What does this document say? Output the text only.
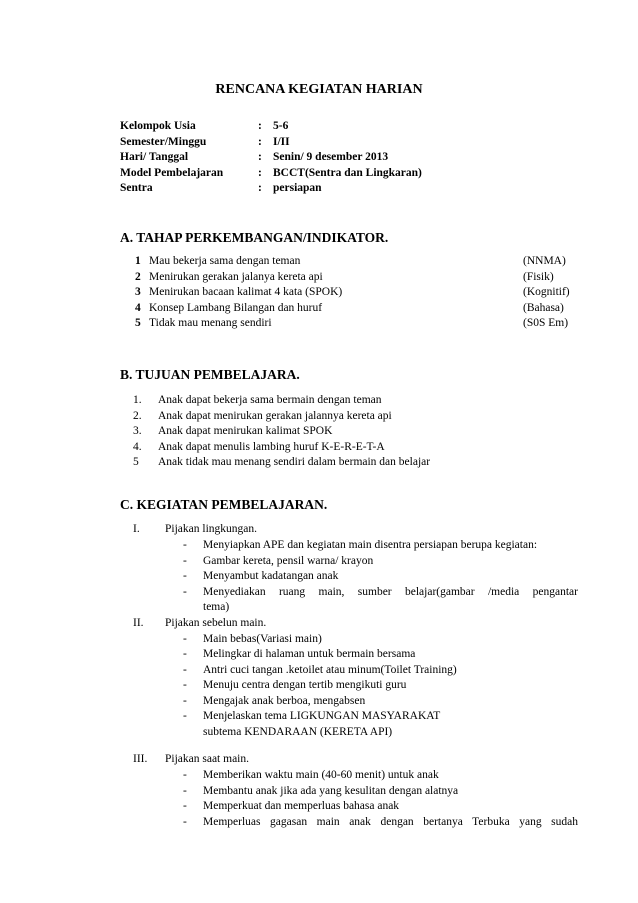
RENCANA KEGIATAN HARIAN
Kelompok Usia	: 5-6
Semester/Minggu	: I/II
Hari/ Tanggal	: Senin/ 9 desember 2013
Model Pembelajaran	: BCCT(Sentra dan Lingkaran)
Sentra	: persiapan
A. TAHAP PERKEMBANGAN/INDIKATOR.
1 Mau bekerja sama dengan teman	(NNMA)
2 Menirukan gerakan jalanya kereta api	(Fisik)
3 Menirukan bacaan kalimat 4 kata (SPOK)	(Kognitif)
4 Konsep Lambang Bilangan dan huruf	(Bahasa)
5 Tidak mau menang sendiri	(S0S Em)
B. TUJUAN PEMBELAJARA.
1. Anak dapat bekerja sama bermain dengan teman
2. Anak dapat menirukan gerakan jalannya kereta api
3. Anak dapat menirukan kalimat SPOK
4. Anak dapat menulis lambing huruf K-E-R-E-T-A
5 Anak tidak mau menang sendiri dalam bermain dan belajar
C. KEGIATAN PEMBELAJARAN.
I. Pijakan lingkungan.
- Menyiapkan APE dan kegiatan main disentra persiapan berupa kegiatan:
- Gambar kereta, pensil warna/ krayon
- Menyambut kadatangan anak
- Menyediakan ruang main, sumber belajar(gambar /media pengantar
tema)
II. Pijakan sebelun main.
- Main bebas(Variasi main)
- Melingkar di halaman untuk bermain bersama
- Antri cuci tangan .ketoilet atau minum(Toilet Training)
- Menuju centra dengan tertib mengikuti guru
- Mengajak anak berboa, mengabsen
- Menjelaskan tema LIGKUNGAN MASYARAKAT
subtema KENDARAAN (KERETA API)
III. Pijakan saat main.
- Memberikan waktu main (40-60 menit) untuk anak
- Membantu anak jika ada yang kesulitan dengan alatnya
- Memperkuat dan memperluas bahasa anak
- Memperluas gagasan main anak dengan bertanya Terbuka yang sudah
